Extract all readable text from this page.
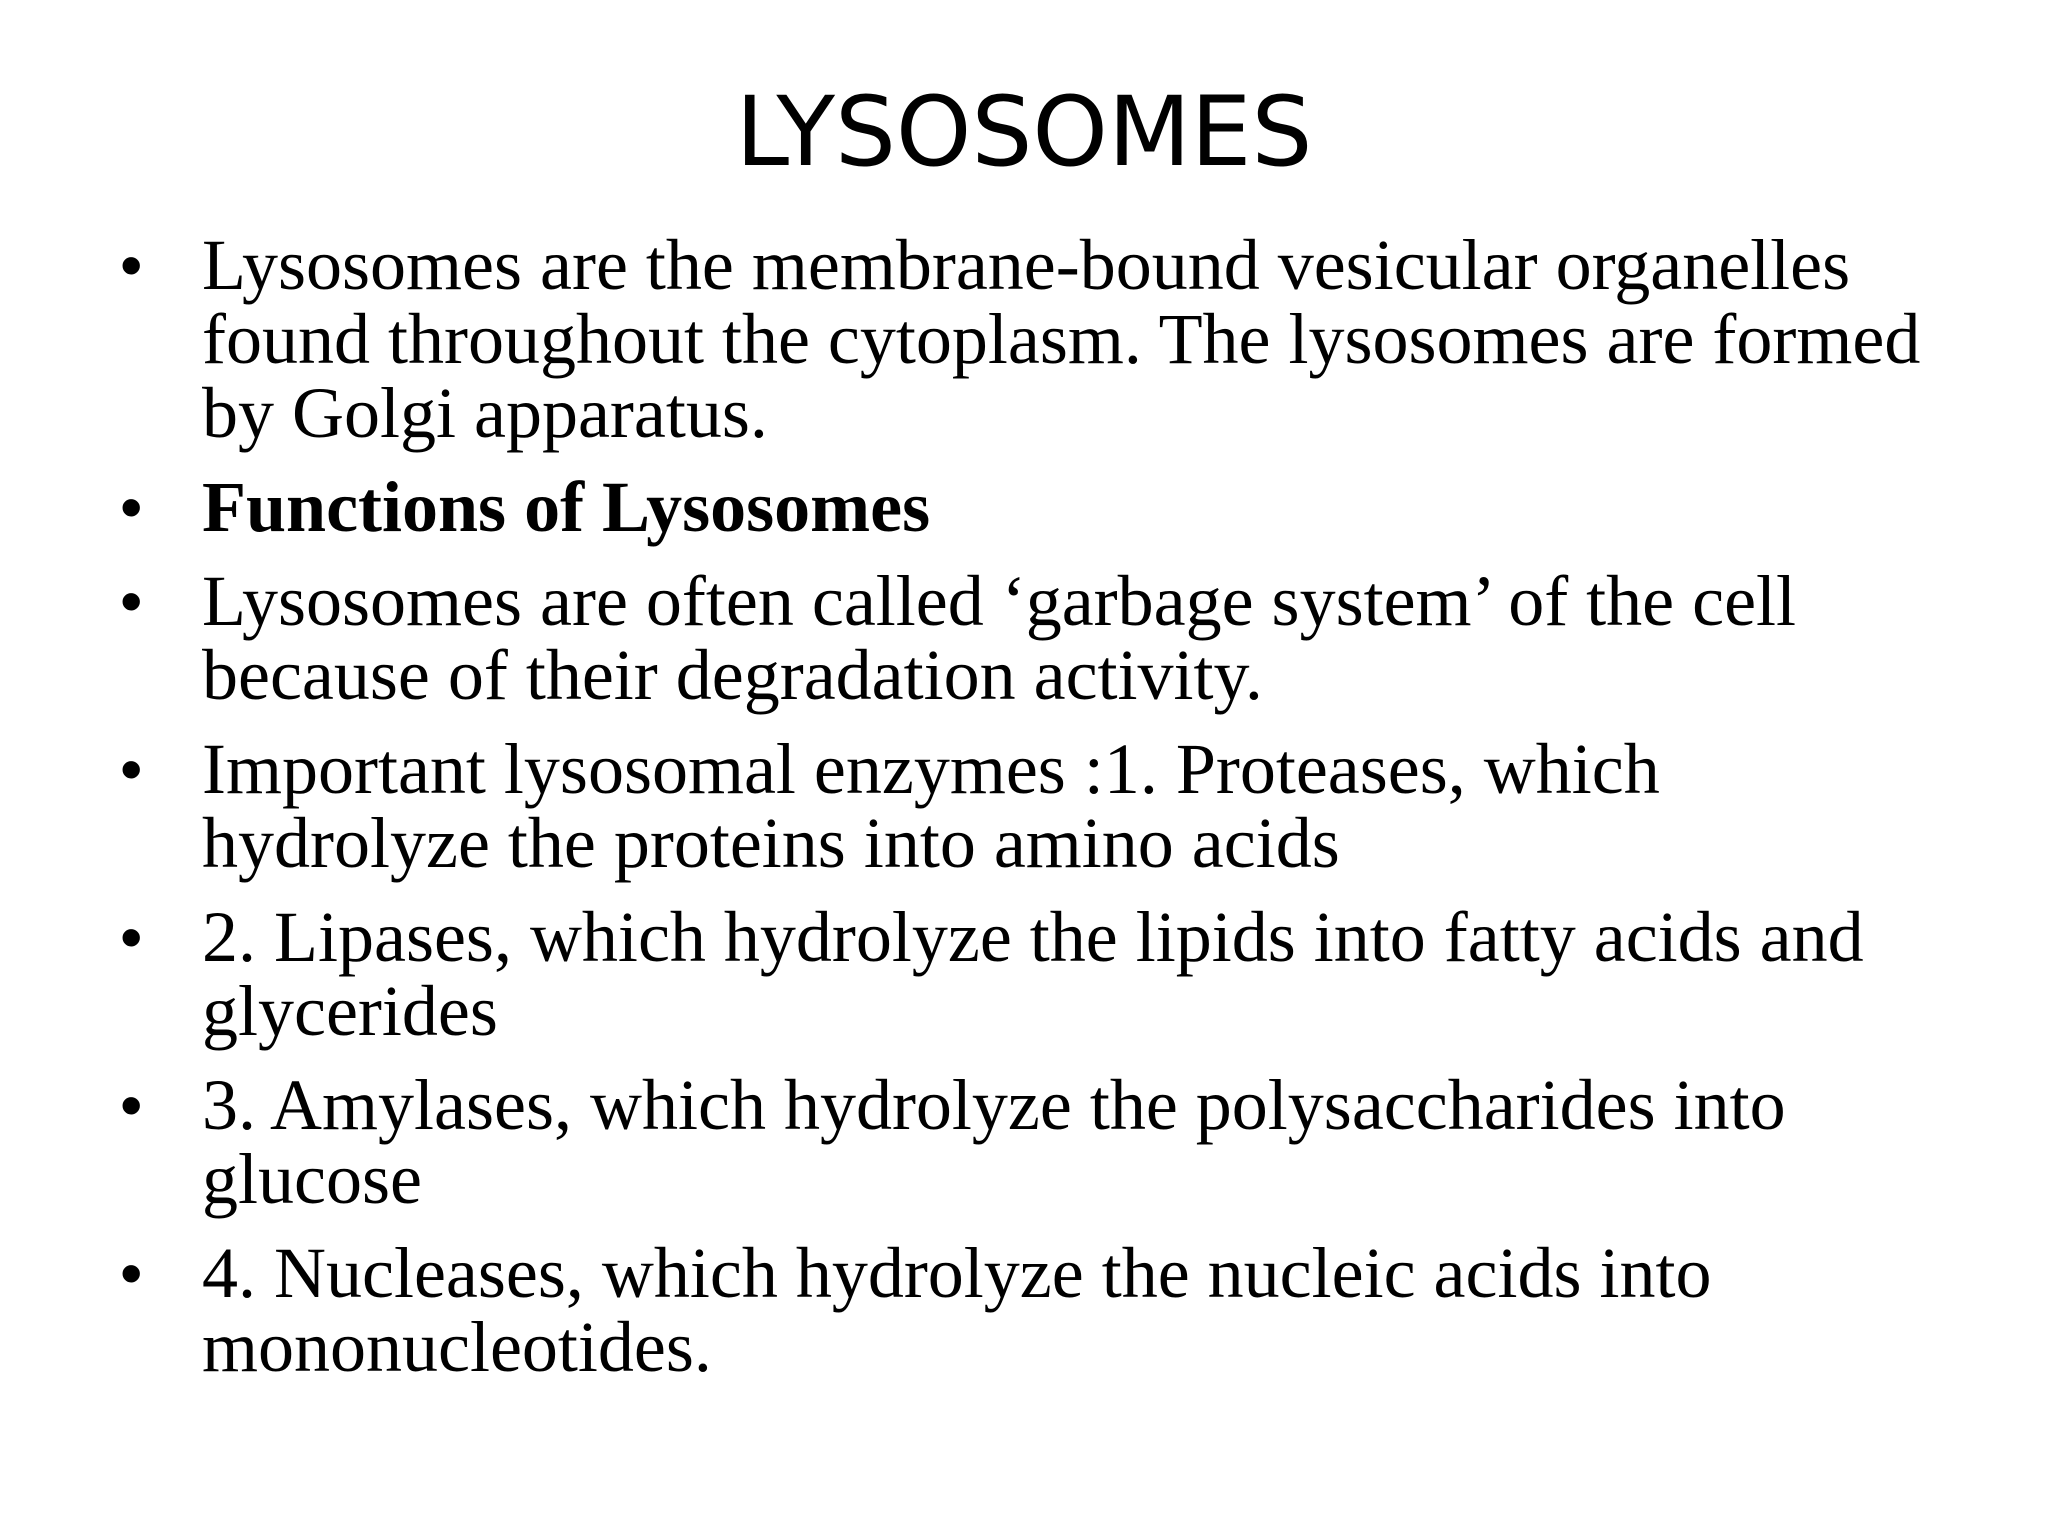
LYSOSOMES
• Lysosomes are the membrane-bound vesicular organelles found throughout the cytoplasm. The lysosomes are formed by Golgi apparatus.
• Functions of Lysosomes
• Lysosomes are often called ‘garbage system’ of the cell because of their degradation activity.
• Important lysosomal enzymes :1. Proteases, which hydrolyze the proteins into amino acids
• 2. Lipases, which hydrolyze the lipids into fatty acids and glycerides
• 3. Amylases, which hydrolyze the polysaccharides into glucose
• 4. Nucleases, which hydrolyze the nucleic acids into mononucleotides.
